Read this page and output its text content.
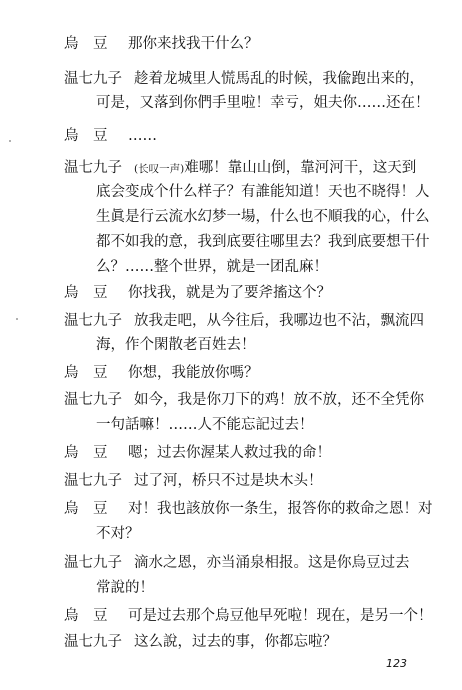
烏　豆 那你来找我干什么？
温七九子 趁着龙城里人慌馬乱的时候，我偸跑出来的，
可是，又落到你們手里啦！幸亏，姐夫你……还在！
烏　豆 ……
温七九子 (长叹一声)难哪！靠山山倒，靠河河干，这天到
底会变成个什么样子？有誰能知道！天也不晓得！人
生眞是行云流水幻梦一場，什么也不順我的心，什么
都不如我的意，我到底要往哪里去？我到底要想干什
么？……整个世界，就是一团乱麻！
烏　豆 你找我，就是为了要斧搐这个？
温七九子 放我走吧，从今往后，我哪边也不沾，飘流四
海，作个閑散老百姓去！
烏　豆 你想，我能放你嗎？
温七九子 如今，我是你刀下的鸡！放不放，还不全凭你
一句話嘛！……人不能忘記过去！
烏　豆 嗯；过去你渥某人救过我的命！
温七九子 过了河，桥只不过是块木头！
烏　豆 对！我也該放你一条生，报答你的救命之恩！对
不对？
温七九子 滴水之恩，亦当涌泉相报。这是你烏豆过去
常說的！
烏　豆 可是过去那个烏豆他早死啦！现在，是另一个！
温七九子 这么說，过去的事，你都忘啦？
123
